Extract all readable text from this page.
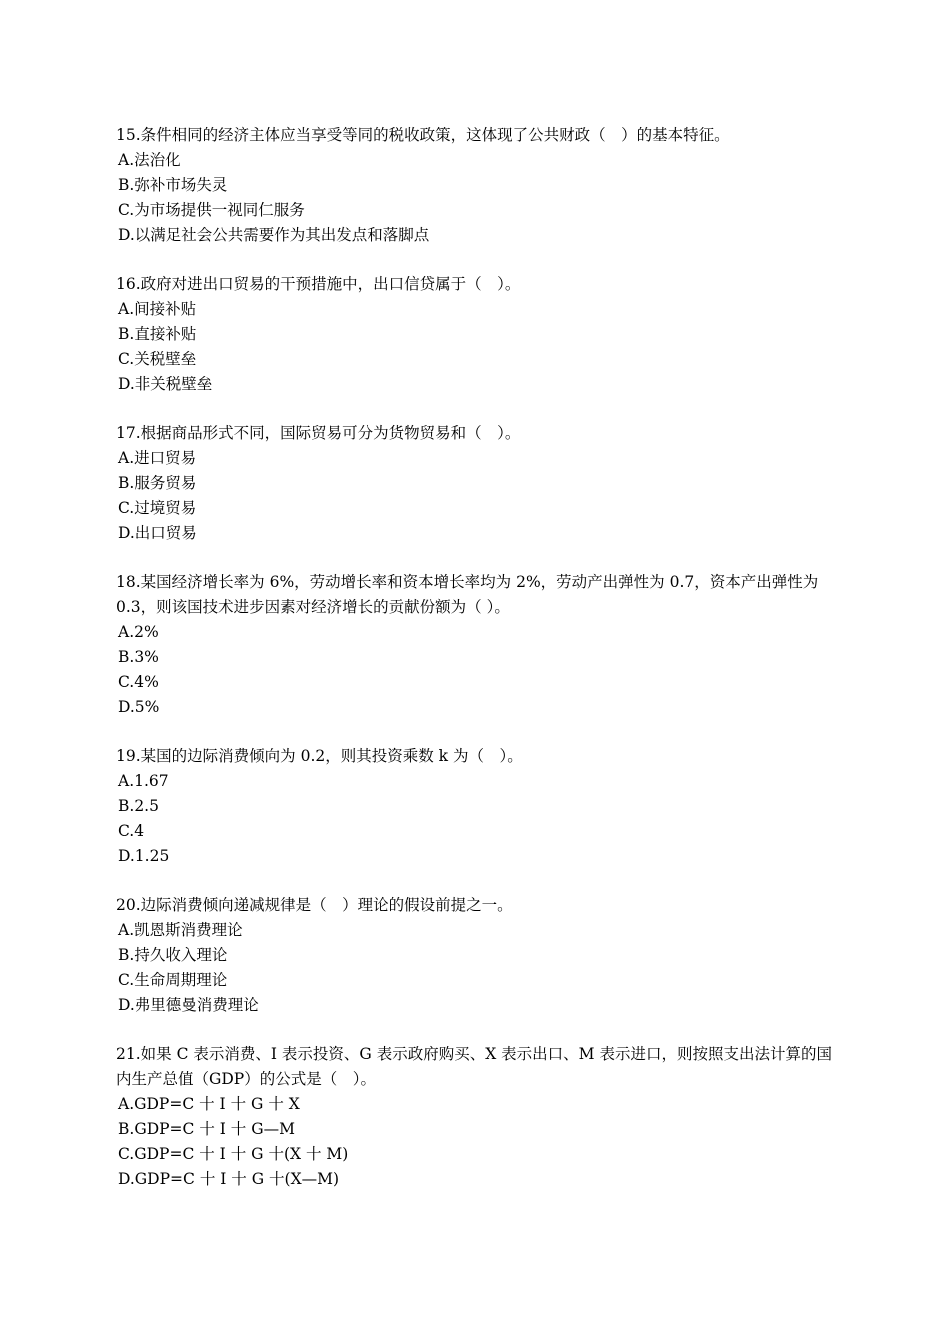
15.条件相同的经济主体应当享受等同的税收政策，这体现了公共财政（　）的基本特征。

A.法治化
B.弥补市场失灵
C.为市场提供一视同仁服务
D.以满足社会公共需要作为其出发点和落脚点

16.政府对进出口贸易的干预措施中，出口信贷属于（　）。

A.间接补贴
B.直接补贴
C.关税壁垒
D.非关税壁垒

17.根据商品形式不同，国际贸易可分为货物贸易和（　）。

A.进口贸易
B.服务贸易
C.过境贸易
D.出口贸易

18.某国经济增长率为 6%，劳动增长率和资本增长率均为 2%，劳动产出弹性为 0.7，资本产出弹性为 0.3，则该国技术进步因素对经济增长的贡献份额为（ ）。

A.2%
B.3%
C.4%
D.5%

19.某国的边际消费倾向为 0.2，则其投资乘数 k 为（　）。

A.1.67
B.2.5
C.4
D.1.25

20.边际消费倾向递减规律是（　）理论的假设前提之一。

A.凯恩斯消费理论
B.持久收入理论
C.生命周期理论
D.弗里德曼消费理论

21.如果 C 表示消费、I 表示投资、G 表示政府购买、X 表示出口、M 表示进口，则按照支出法计算的国内生产总值（GDP）的公式是（　）。

A.GDP=C 十 I 十 G 十 X
B.GDP=C 十 I 十 G—M
C.GDP=C 十 I 十 G 十(X 十 M)
D.GDP=C 十 I 十 G 十(X—M)
